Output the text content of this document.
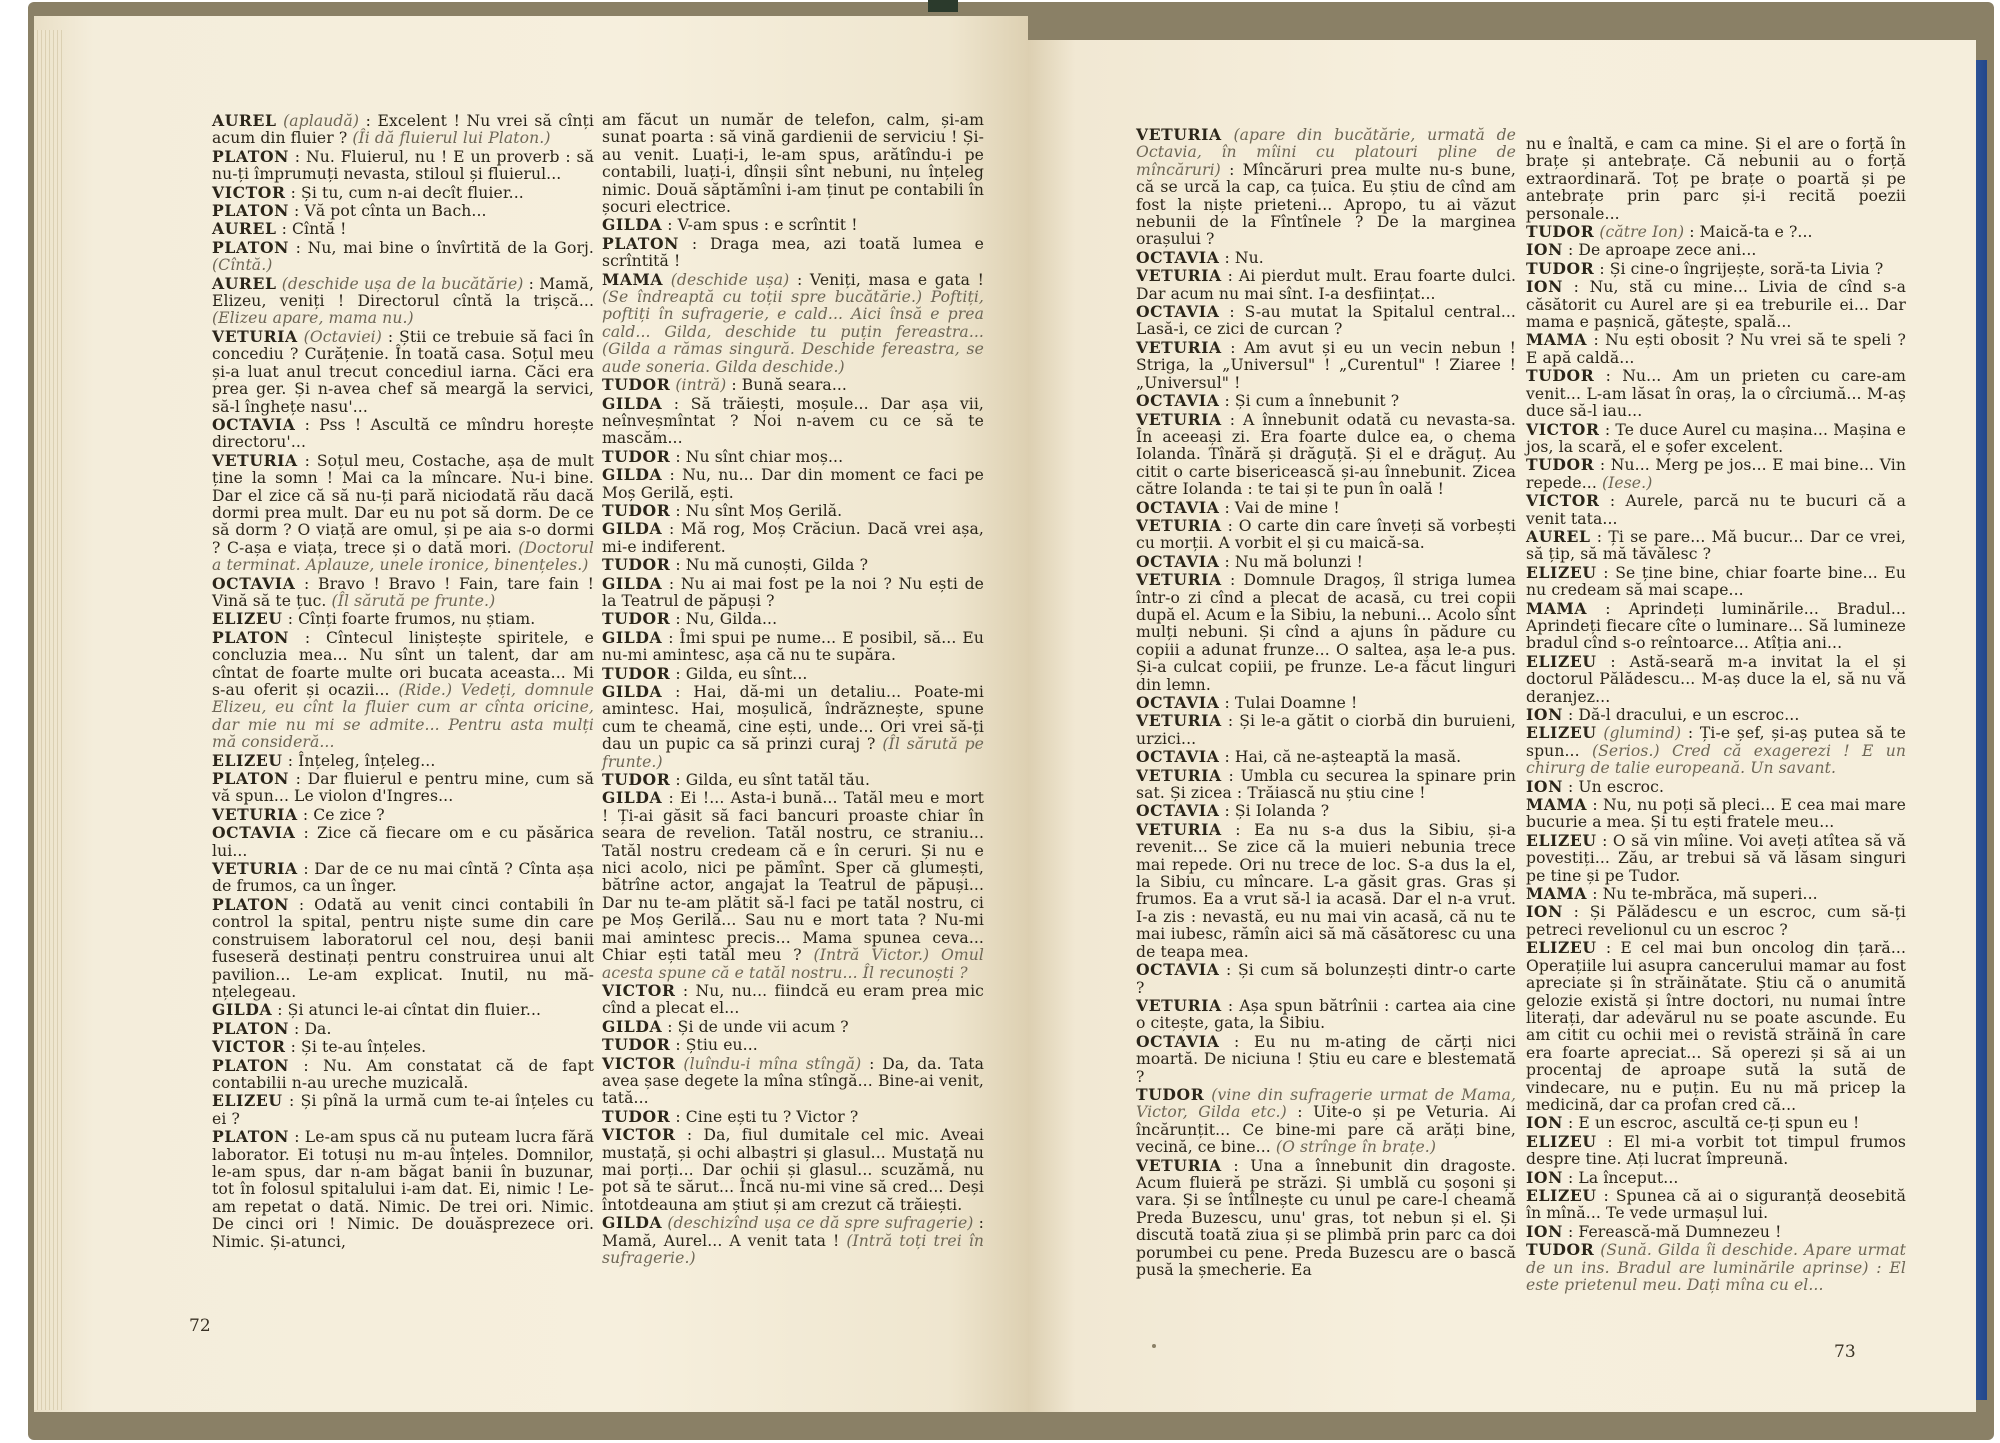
AUREL (aplaudă) : Excelent ! Nu vrei să cînți acum din fluier ? (Îi dă fluierul lui Platon.)

PLATON : Nu. Fluierul, nu ! E un proverb : să nu-ți împrumuți nevasta, stiloul și fluierul...

VICTOR : Și tu, cum n-ai decît fluier...

PLATON : Vă pot cînta un Bach...

AUREL : Cîntă !

PLATON : Nu, mai bine o învîrtită de la Gorj. (Cîntă.)

AUREL (deschide ușa de la bucătărie) : Mamă, Elizeu, veniți ! Directorul cîntă la trișcă... (Elizeu apare, mama nu.)

VETURIA (Octaviei) : Știi ce trebuie să faci în concediu ? Curățenie. În toată casa. Soțul meu și-a luat anul trecut concediul iarna. Căci era prea ger. Și n-avea chef să meargă la servici, să-l înghețe nasu'...

OCTAVIA : Pss ! Ascultă ce mîndru horește directoru'...

VETURIA : Soțul meu, Costache, așa de mult ține la somn ! Mai ca la mîncare. Nu-i bine. Dar el zice că să nu-ți pară niciodată rău dacă dormi prea mult. Dar eu nu pot să dorm. De ce să dorm ? O viață are omul, și pe aia s-o dormi ? C-așa e viața, trece și o dată mori. (Doctorul a terminat. Aplauze, unele ironice, binențeles.)

OCTAVIA : Bravo ! Bravo ! Fain, tare fain ! Vină să te țuc. (Îl sărută pe frunte.)

ELIZEU : Cînți foarte frumos, nu știam.

PLATON : Cîntecul liniștește spiritele, e concluzia mea... Nu sînt un talent, dar am cîntat de foarte multe ori bucata aceasta... Mi s-au oferit și ocazii... (Ride.) Vedeți, domnule Elizeu, eu cînt la fluier cum ar cînta oricine, dar mie nu mi se admite... Pentru asta mulți mă consideră...

ELIZEU : Înțeleg, înțeleg...

PLATON : Dar fluierul e pentru mine, cum să vă spun... Le violon d'Ingres...

VETURIA : Ce zice ?

OCTAVIA : Zice că fiecare om e cu păsărica lui...

VETURIA : Dar de ce nu mai cîntă ? Cînta așa de frumos, ca un înger.

PLATON : Odată au venit cinci contabili în control la spital, pentru niște sume din care construisem laboratorul cel nou, deși banii fuseseră destinați pentru construirea unui alt pavilion... Le-am explicat. Inutil, nu mă-nțelegeau.

GILDA : Și atunci le-ai cîntat din fluier...

PLATON : Da.

VICTOR : Și te-au înțeles.

PLATON : Nu. Am constatat că de fapt contabilii n-au ureche muzicală.

ELIZEU : Și pînă la urmă cum te-ai înțeles cu ei ?

PLATON : Le-am spus că nu puteam lucra fără laborator. Ei totuși nu m-au înțeles. Domnilor, le-am spus, dar n-am băgat banii în buzunar, tot în folosul spitalului i-am dat. Ei, nimic ! Le-am repetat o dată. Nimic. De trei ori. Nimic. De cinci ori ! Nimic. De douăsprezece ori. Nimic. Și-atunci,

am făcut un număr de telefon, calm, și-am sunat poarta : să vină gardienii de serviciu ! Și-au venit. Luați-i, le-am spus, arătîndu-i pe contabili, luați-i, dînșii sînt nebuni, nu înțeleg nimic. Două săptămîni i-am ținut pe contabili în șocuri electrice.

GILDA : V-am spus : e scrîntit !

PLATON : Draga mea, azi toată lumea e scrîntită !

MAMA (deschide ușa) : Veniți, masa e gata ! (Se îndreaptă cu toții spre bucătărie.) Poftiți, poftiți în sufragerie, e cald... Aici însă e prea cald... Gilda, deschide tu puțin fereastra... (Gilda a rămas singură. Deschide fereastra, se aude soneria. Gilda deschide.)

TUDOR (intră) : Bună seara...

GILDA : Să trăiești, moșule... Dar așa vii, neînveșmîntat ? Noi n-avem cu ce să te mascăm...

TUDOR : Nu sînt chiar moș...

GILDA : Nu, nu... Dar din moment ce faci pe Moș Gerilă, ești.

TUDOR : Nu sînt Moș Gerilă.

GILDA : Mă rog, Moș Crăciun. Dacă vrei așa, mi-e indiferent.

TUDOR : Nu mă cunoști, Gilda ?

GILDA : Nu ai mai fost pe la noi ? Nu ești de la Teatrul de păpuși ?

TUDOR : Nu, Gilda...

GILDA : Îmi spui pe nume... E posibil, să... Eu nu-mi amintesc, așa că nu te supăra.

TUDOR : Gilda, eu sînt...

GILDA : Hai, dă-mi un detaliu... Poate-mi amintesc. Hai, moșulică, îndrăznește, spune cum te cheamă, cine ești, unde... Ori vrei să-ți dau un pupic ca să prinzi curaj ? (Îl sărută pe frunte.)

TUDOR : Gilda, eu sînt tatăl tău.

GILDA : Ei !... Asta-i bună... Tatăl meu e mort ! Ți-ai găsit să faci bancuri proaste chiar în seara de revelion. Tatăl nostru, ce straniu... Tatăl nostru credeam că e în ceruri. Și nu e nici acolo, nici pe pămînt. Sper că glumești, bătrîne actor, angajat la Teatrul de păpuși... Dar nu te-am plătit să-l faci pe tatăl nostru, ci pe Moș Gerilă... Sau nu e mort tata ? Nu-mi mai amintesc precis... Mama spunea ceva... Chiar ești tatăl meu ? (Intră Victor.) Omul acesta spune că e tatăl nostru... Îl recunoști ?

VICTOR : Nu, nu... fiindcă eu eram prea mic cînd a plecat el...

GILDA : Și de unde vii acum ?

TUDOR : Știu eu...

VICTOR (luîndu-i mîna stîngă) : Da, da. Tata avea șase degete la mîna stîngă... Bine-ai venit, tată...

TUDOR : Cine ești tu ? Victor ?

VICTOR : Da, fiul dumitale cel mic. Aveai mustață, și ochi albaștri și glasul... Mustață nu mai porți... Dar ochii și glasul... scuzămă, nu pot să te sărut... Încă nu-mi vine să cred... Deși întotdeauna am știut și am crezut că trăiești.

GILDA (deschizînd ușa ce dă spre sufragerie) : Mamă, Aurel... A venit tata ! (Intră toți trei în sufragerie.)

72

VETURIA (apare din bucătărie, urmată de Octavia, în mîini cu platouri pline de mîncăruri) : Mîncăruri prea multe nu-s bune, că se urcă la cap, ca țuica. Eu știu de cînd am fost la niște prieteni... Apropo, tu ai văzut nebunii de la Fîntînele ? De la marginea orașului ?

OCTAVIA : Nu.

VETURIA : Ai pierdut mult. Erau foarte dulci. Dar acum nu mai sînt. I-a desființat...

OCTAVIA : S-au mutat la Spitalul central... Lasă-i, ce zici de curcan ?

VETURIA : Am avut și eu un vecin nebun ! Striga, la „Universul" ! „Curentul" ! Ziaree ! „Universul" !

OCTAVIA : Și cum a înnebunit ?

VETURIA : A înnebunit odată cu nevasta-sa. În aceeași zi. Era foarte dulce ea, o chema Iolanda. Tînără și drăguță. Și el e drăguț. Au citit o carte bisericească și-au înnebunit. Zicea către Iolanda : te tai și te pun în oală !

OCTAVIA : Vai de mine !

VETURIA : O carte din care înveți să vorbești cu morții. A vorbit el și cu maică-sa.

OCTAVIA : Nu mă bolunzi !

VETURIA : Domnule Dragoș, îl striga lumea într-o zi cînd a plecat de acasă, cu trei copii după el. Acum e la Sibiu, la nebuni... Acolo sînt mulți nebuni. Și cînd a ajuns în pădure cu copiii a adunat frunze... O saltea, așa le-a pus. Și-a culcat copiii, pe frunze. Le-a făcut linguri din lemn.

OCTAVIA : Tulai Doamne !

VETURIA : Și le-a gătit o ciorbă din buruieni, urzici...

OCTAVIA : Hai, că ne-așteaptă la masă.

VETURIA : Umbla cu securea la spinare prin sat. Și zicea : Trăiască nu știu cine !

OCTAVIA : Și Iolanda ?

VETURIA : Ea nu s-a dus la Sibiu, și-a revenit... Se zice că la muieri nebunia trece mai repede. Ori nu trece de loc. S-a dus la el, la Sibiu, cu mîncare. L-a găsit gras. Gras și frumos. Ea a vrut să-l ia acasă. Dar el n-a vrut. I-a zis : nevastă, eu nu mai vin acasă, că nu te mai iubesc, rămîn aici să mă căsătoresc cu una de teapa mea.

OCTAVIA : Și cum să bolunzești dintr-o carte ?

VETURIA : Așa spun bătrînii : cartea aia cine o citește, gata, la Sibiu.

OCTAVIA : Eu nu m-ating de cărți nici moartă. De niciuna ! Știu eu care e blestemată ?

TUDOR (vine din sufragerie urmat de Mama, Victor, Gilda etc.) : Uite-o și pe Veturia. Ai încărunțit... Ce bine-mi pare că arăți bine, vecină, ce bine... (O strînge în brațe.)

VETURIA : Una a înnebunit din dragoste. Acum fluieră pe străzi. Și umblă cu șoșoni și vara. Și se întîlnește cu unul pe care-l cheamă Preda Buzescu, unu' gras, tot nebun și el. Și discută toată ziua și se plimbă prin parc ca doi porumbei cu pene. Preda Buzescu are o bască pusă la șmecherie. Ea

nu e înaltă, e cam ca mine. Și el are o forță în brațe și antebrațe. Că nebunii au o forță extraordinară. Toț pe brațe o poartă și pe antebrațe prin parc și-i recită poezii personale...

TUDOR (către Ion) : Maică-ta e ?...

ION : De aproape zece ani...

TUDOR : Și cine-o îngrijește, soră-ta Livia ?

ION : Nu, stă cu mine... Livia de cînd s-a căsătorit cu Aurel are și ea treburile ei... Dar mama e pașnică, gătește, spală...

MAMA : Nu ești obosit ? Nu vrei să te speli ? E apă caldă...

TUDOR : Nu... Am un prieten cu care-am venit... L-am lăsat în oraș, la o cîrciumă... M-aș duce să-l iau...

VICTOR : Te duce Aurel cu mașina... Mașina e jos, la scară, el e șofer excelent.

TUDOR : Nu... Merg pe jos... E mai bine... Vin repede... (Iese.)

VICTOR : Aurele, parcă nu te bucuri că a venit tata...

AUREL : Ți se pare... Mă bucur... Dar ce vrei, să țip, să mă tăvălesc ?

ELIZEU : Se ține bine, chiar foarte bine... Eu nu credeam să mai scape...

MAMA : Aprindeți luminările... Bradul... Aprindeți fiecare cîte o luminare... Să lumineze bradul cînd s-o reîntoarce... Atîția ani...

ELIZEU : Astă-seară m-a invitat la el și doctorul Pălădescu... M-aș duce la el, să nu vă deranjez...

ION : Dă-l dracului, e un escroc...

ELIZEU (glumind) : Ți-e șef, și-aș putea să te spun... (Serios.) Cred că exagerezi ! E un chirurg de talie europeană. Un savant.

ION : Un escroc.

MAMA : Nu, nu poți să pleci... E cea mai mare bucurie a mea. Și tu ești fratele meu...

ELIZEU : O să vin mîine. Voi aveți atîtea să vă povestiți... Zău, ar trebui să vă lăsam singuri pe tine și pe Tudor.

MAMA : Nu te-mbrăca, mă superi...

ION : Și Pălădescu e un escroc, cum să-ți petreci revelionul cu un escroc ?

ELIZEU : E cel mai bun oncolog din țară... Operațiile lui asupra cancerului mamar au fost apreciate și în străinătate. Știu că o anumită gelozie există și între doctori, nu numai între literați, dar adevărul nu se poate ascunde. Eu am citit cu ochii mei o revistă străină în care era foarte apreciat... Să operezi și să ai un procentaj de aproape sută la sută de vindecare, nu e puțin. Eu nu mă pricep la medicină, dar ca profan cred că...

ION : E un escroc, ascultă ce-ți spun eu !

ELIZEU : El mi-a vorbit tot timpul frumos despre tine. Ați lucrat împreună.

ION : La început...

ELIZEU : Spunea că ai o siguranță deosebită în mînă... Te vede urmașul lui.

ION : Ferească-mă Dumnezeu !

TUDOR (Sună. Gilda îi deschide. Apare urmat de un ins. Bradul are luminările aprinse) : El este prietenul meu. Dați mîna cu el...

73
